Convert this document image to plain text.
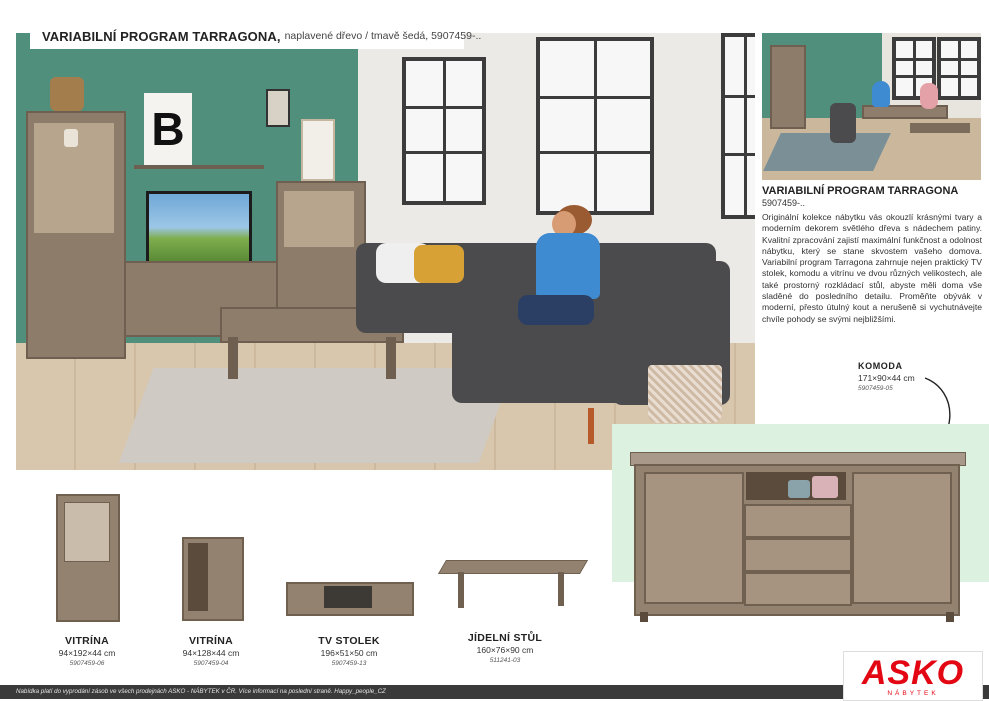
B
VARIABILNÍ PROGRAM TARRAGONA, naplavené dřevo / tmavě šedá, 5907459-..
VARIABILNÍ PROGRAM TARRAGONA
5907459-..
Originální kolekce nábytku vás okouzlí krásnými tvary a moderním dekorem světlého dřeva s nádechem patiny. Kvalitní zpracování zajistí maximální funkčnost a odolnost nábytku, který se stane skvostem vašeho domova. Variabilní program Tarragona zahrnuje nejen praktický TV stolek, komodu a vitrínu ve dvou různých velikostech, ale také prostorný rozkládací stůl, abyste měli doma vše sladěné do posledního detailu. Proměňte obývák v moderní, přesto útulný kout a nerušeně si vychutnávejte chvíle pohody se svými nejbližšími.
KOMODA
171×90×44 cm
5907459-05
VITRÍNA
94×192×44 cm
5907459-06
VITRÍNA
94×128×44 cm
5907459-04
TV STOLEK
196×51×50 cm
5907459-13
JÍDELNÍ STŮL
160×76×90 cm
511241-03
Nabídka platí do vyprodání zásob ve všech prodejnách ASKO - NÁBYTEK v ČR. Více informací na poslední straně. Happy_people_CZ	ASKO
NÁBYTEK
